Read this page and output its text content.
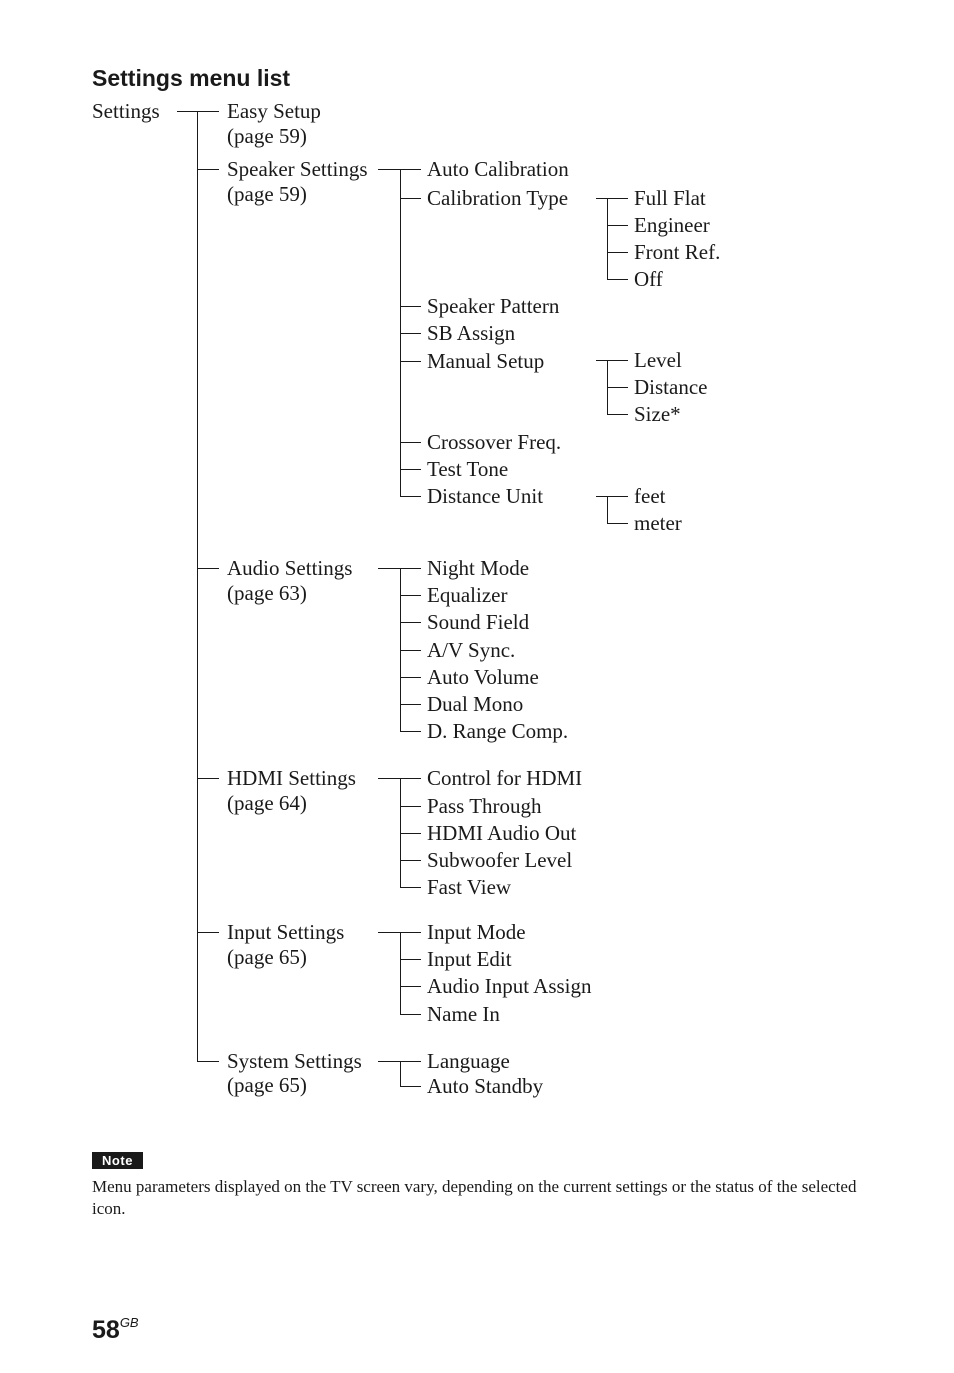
Settings menu list
Settings	Easy Setup
(page 59)
Speaker Settings
(page 59)
Audio Settings
(page 63)
HDMI Settings
(page 64)
Input Settings
(page 65)
System Settings
(page 65)
Auto Calibration
Calibration Type
Speaker Pattern
SB Assign
Manual Setup
Crossover Freq.
Test Tone
Distance Unit
Full Flat
Engineer
Front Ref.
Off
Level
Distance
Size*
feet
meter
Night Mode
Equalizer
Sound Field
A/V Sync.
Auto Volume
Dual Mono
D. Range Comp.
Control for HDMI
Pass Through
HDMI Audio Out
Subwoofer Level
Fast View
Input Mode
Input Edit
Audio Input Assign
Name In
Language
Auto Standby
Note
Menu parameters displayed on the TV screen vary, depending on the current settings or the status of the selected icon.
$58^{GB}$
